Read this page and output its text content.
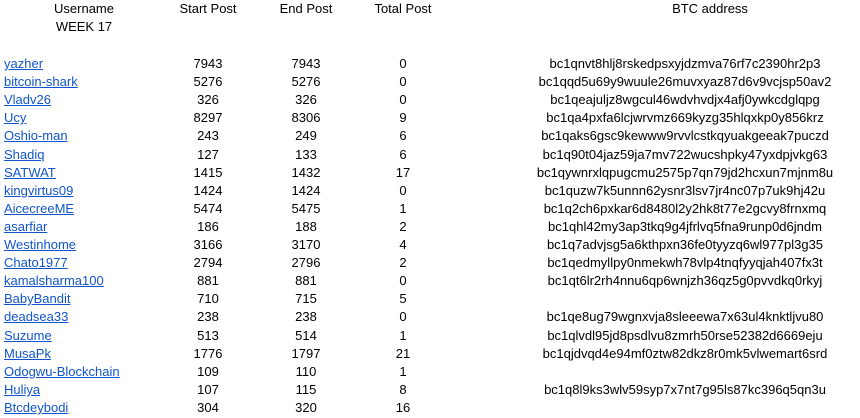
Username
WEEK 17
Start Post	End Post	Total Post	BTC address
yazher	7943	7943	0	bc1qnvt8hlj8rskedpsxyjdzmva76rf7c2390hr2p3
bitcoin-shark	5276	5276	0	bc1qqd5u69y9wuule26muvxyaz87d6v9vcjsp50av2
Vladv26	326	326	0	bc1qeajuljz8wgcul46wdvhvdjx4afj0ywkcdglqpg
Ucy	8297	8306	9	bc1qa4pxfa6lcjwrvmz669kyzg35hlqxkp0y856krz
Oshio-man	243	249	6	bc1qaks6gsc9kewww9rvvlcstkqyuakgeeak7puczd
Shadiq	127	133	6	bc1q90t04jaz59ja7mv722wucshpky47yxdpjvkg63
SATWAT	1415	1432	17	bc1qywnrxlqpugcmu2575p7qn79jd2hcxun7mjnm8u
kingvirtus09	1424	1424	0	bc1quzw7k5unnn62ysnr3lsv7jr4nc07p7uk9hj42u
AicecreeME	5474	5475	1	bc1q2ch6pxkar6d8480l2y2hk8t77e2gcvy8frnxmq
asarfiar	186	188	2	bc1qhl42my3ap3tkq9g4jfrlvq5fna9runp0d6jndm
Westinhome	3166	3170	4	bc1q7advjsg5a6kthpxn36fe0tyyzq6wl977pl3g35
Chato1977	2794	2796	2	bc1qedmyllpy0nmekwh78vlp4tnqfyyqjah407fx3t
kamalsharma100	881	881	0	bc1qt6lr2rh4nnu6qp6wnjzh36qz5g0pvvdkq0rkyj
BabyBandit	710	715	5
deadsea33	238	238	0	bc1qe8ug79wgnxvja8sleeewa7x63ul4knktljvu80
Suzume	513	514	1	bc1qlvdl95jd8psdlvu8zmrh50rse52382d6669eju
MusaPk	1776	1797	21	bc1qjdvqd4e94mf0ztw82dkz8r0mk5vlwemart6srd
Odogwu-Blockchain	109	110	1
Huliya	107	115	8	bc1q8l9ks3wlv59syp7x7nt7g95ls87kc396q5qn3u
Btcdeybodi	304	320	16
